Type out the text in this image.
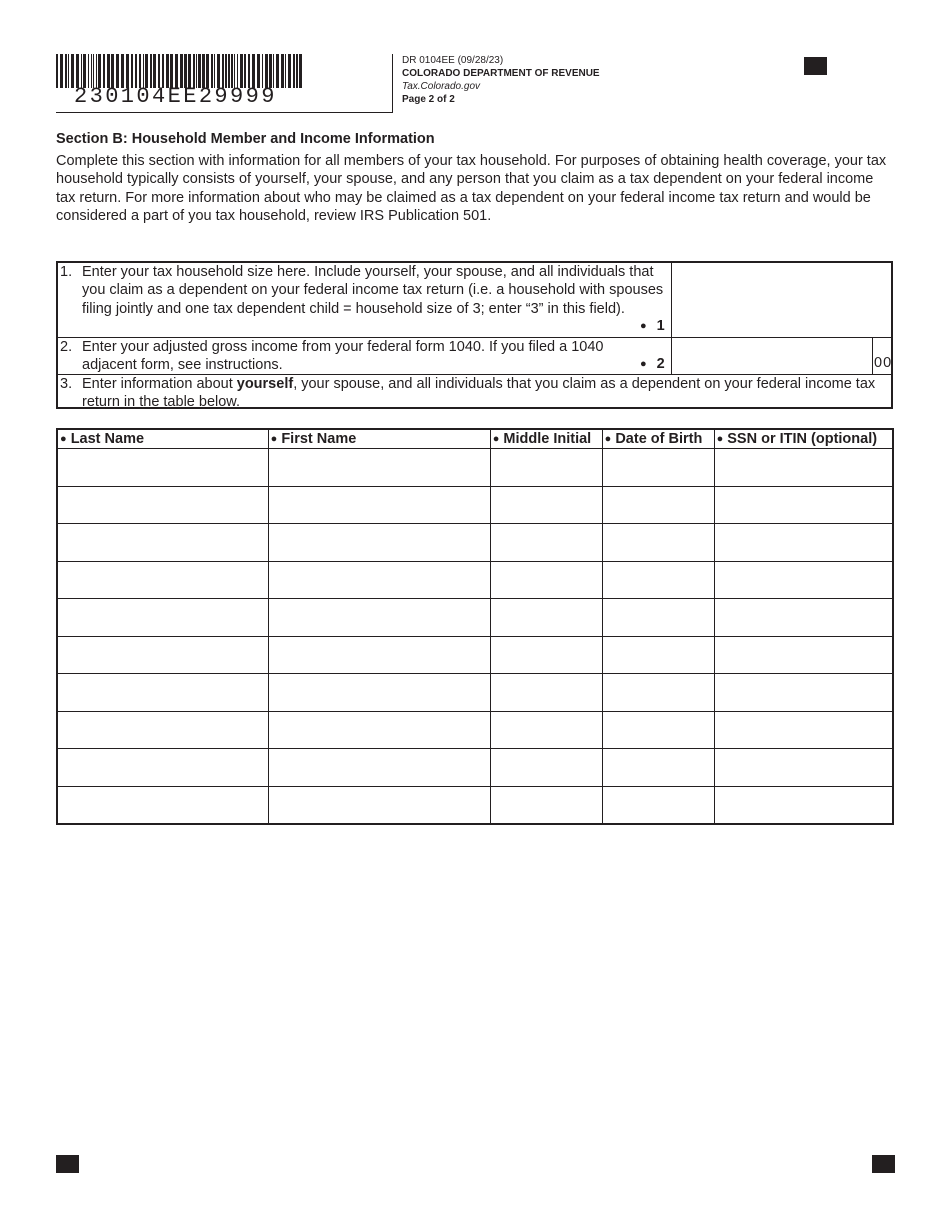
230104EE29999
DR 0104EE (09/28/23)
COLORADO DEPARTMENT OF REVENUE
Tax.Colorado.gov
Page 2 of 2
Section B: Household Member and Income Information
Complete this section with information for all members of your tax household. For purposes of obtaining health coverage, your tax household typically consists of yourself, your spouse, and any person that you claim as a tax dependent on your federal income tax return. For more information about who may be claimed as a tax dependent on your federal income tax return and would be considered a part of you tax household, review IRS Publication 501.
1. Enter your tax household size here. Include yourself, your spouse, and all individuals that you claim as a dependent on your federal income tax return (i.e. a household with spouses filing jointly and one tax dependent child = household size of 3; enter “3” in this field).
● 1
2. Enter your adjusted gross income from your federal form 1040. If you filed a 1040 adjacent form, see instructions.	● 2	00
3. Enter information about yourself, your spouse, and all individuals that you claim as a dependent on your federal income tax return in the table below.
● Last Name	● First Name	● Middle Initial	● Date of Birth	● SSN or ITIN (optional)
